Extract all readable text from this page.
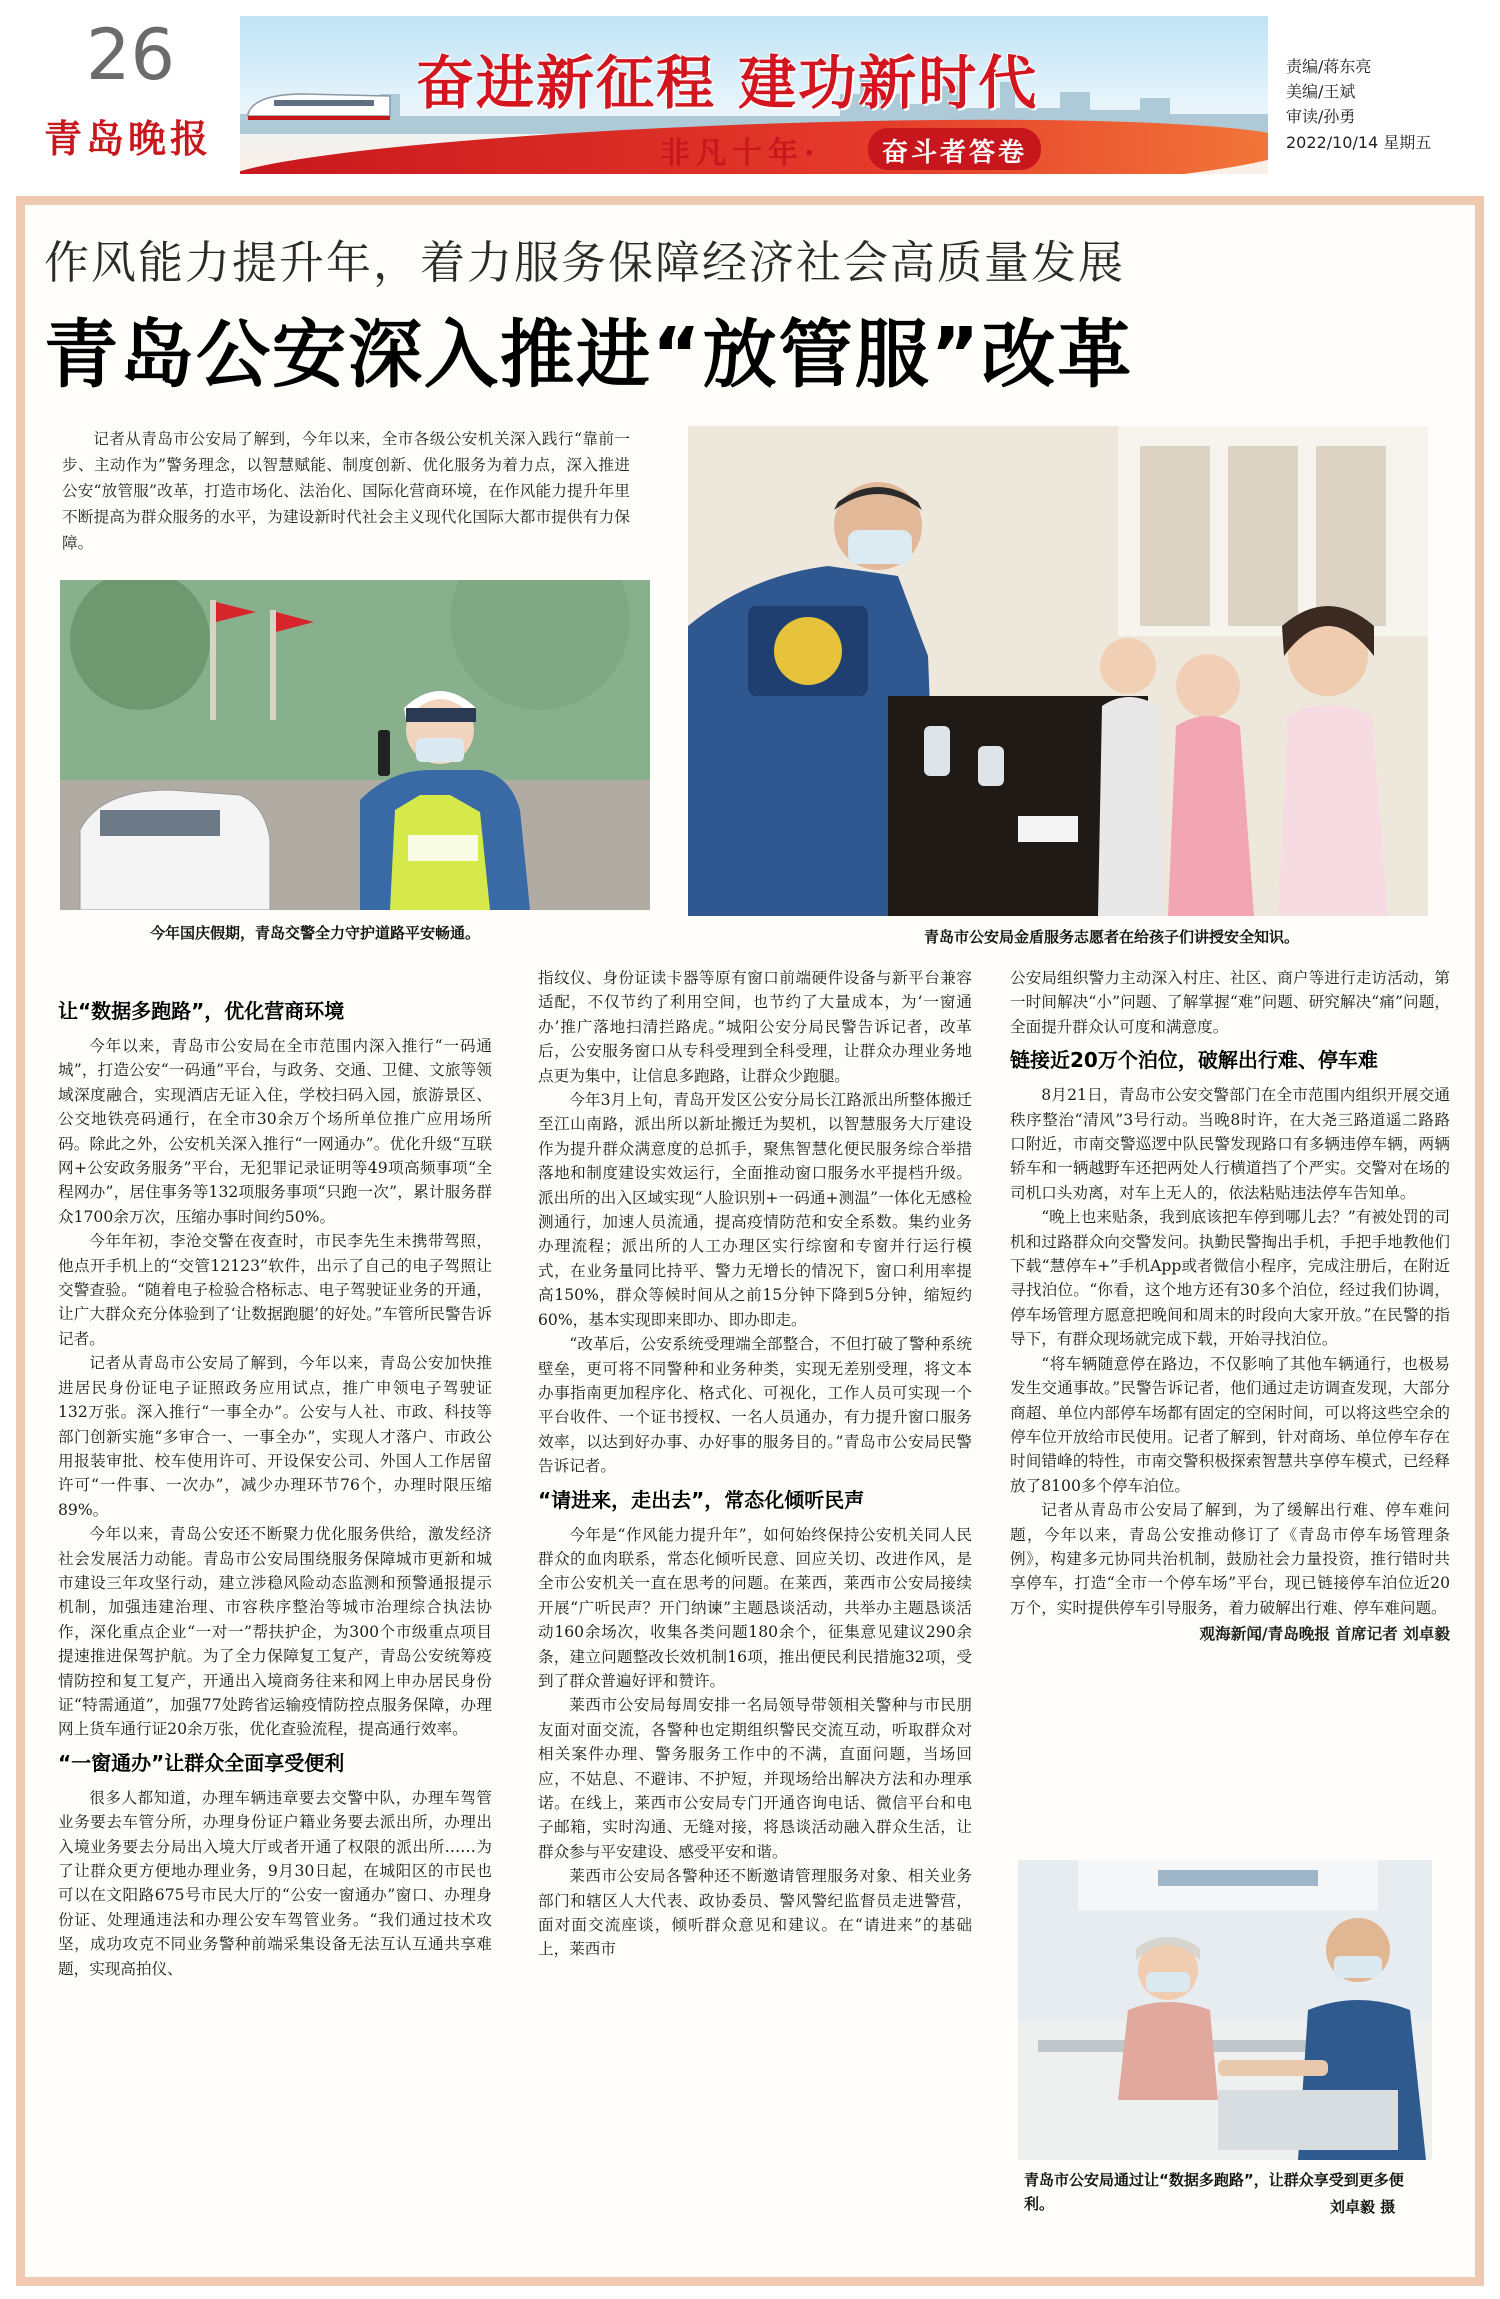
26
青岛晚报
奋进新征程 建功新时代
非凡十年·	奋斗者答卷
责编/蒋东亮
美编/王斌
审读/孙勇
2022/10/14 星期五
作风能力提升年，着力服务保障经济社会高质量发展
青岛公安深入推进“放管服”改革

记者从青岛市公安局了解到，今年以来，全市各级公安机关深入践行“靠前一步、主动作为”警务理念，以智慧赋能、制度创新、优化服务为着力点，深入推进公安“放管服”改革，打造市场化、法治化、国际化营商环境，在作风能力提升年里不断提高为群众服务的水平，为建设新时代社会主义现代化国际大都市提供有力保障。

今年国庆假期，青岛交警全力守护道路平安畅通。	青岛市公安局金盾服务志愿者在给孩子们讲授安全知识。
青岛市公安局通过让“数据多跑路”，让群众享受到更多便利。	刘卓毅 摄
让“数据多跑路”，优化营商环境

今年以来，青岛市公安局在全市范围内深入推行“一码通城”，打造公安“一码通”平台，与政务、交通、卫健、文旅等领域深度融合，实现酒店无证入住，学校扫码入园，旅游景区、公交地铁亮码通行，在全市30余万个场所单位推广应用场所码。除此之外，公安机关深入推行“一网通办”。优化升级“互联网+公安政务服务”平台，无犯罪记录证明等49项高频事项“全程网办”，居住事务等132项服务事项“只跑一次”，累计服务群众1700余万次，压缩办事时间约50%。

今年年初，李沧交警在夜查时，市民李先生未携带驾照，他点开手机上的“交管12123”软件，出示了自己的电子驾照让交警查验。“随着电子检验合格标志、电子驾驶证业务的开通，让广大群众充分体验到了‘让数据跑腿’的好处。”车管所民警告诉记者。

记者从青岛市公安局了解到，今年以来，青岛公安加快推进居民身份证电子证照政务应用试点，推广申领电子驾驶证132万张。深入推行“一事全办”。公安与人社、市政、科技等部门创新实施“多审合一、一事全办”，实现人才落户、市政公用报装审批、校车使用许可、开设保安公司、外国人工作居留许可“一件事、一次办”，减少办理环节76个，办理时限压缩89%。

今年以来，青岛公安还不断聚力优化服务供给，激发经济社会发展活力动能。青岛市公安局围绕服务保障城市更新和城市建设三年攻坚行动，建立涉稳风险动态监测和预警通报提示机制，加强违建治理、市容秩序整治等城市治理综合执法协作，深化重点企业“一对一”帮扶护企，为300个市级重点项目提速推进保驾护航。为了全力保障复工复产，青岛公安统筹疫情防控和复工复产，开通出入境商务往来和网上申办居民身份证“特需通道”，加强77处跨省运输疫情防控点服务保障，办理网上货车通行证20余万张，优化查验流程，提高通行效率。

“一窗通办”让群众全面享受便利

很多人都知道，办理车辆违章要去交警中队，办理车驾管业务要去车管分所，办理身份证户籍业务要去派出所，办理出入境业务要去分局出入境大厅或者开通了权限的派出所……为了让群众更方便地办理业务，9月30日起，在城阳区的市民也可以在文阳路675号市民大厅的“公安一窗通办”窗口、办理身份证、处理通违法和办理公安车驾管业务。“我们通过技术攻坚，成功攻克不同业务警种前端采集设备无法互认互通共享难题，实现高拍仪、

指纹仪、身份证读卡器等原有窗口前端硬件设备与新平台兼容适配，不仅节约了利用空间，也节约了大量成本，为‘一窗通办’推广落地扫清拦路虎。”城阳公安分局民警告诉记者，改革后，公安服务窗口从专科受理到全科受理，让群众办理业务地点更为集中，让信息多跑路，让群众少跑腿。

今年3月上旬，青岛开发区公安分局长江路派出所整体搬迁至江山南路，派出所以新址搬迁为契机，以智慧服务大厅建设作为提升群众满意度的总抓手，聚焦智慧化便民服务综合举措落地和制度建设实效运行，全面推动窗口服务水平提档升级。派出所的出入区域实现“人脸识别+一码通+测温”一体化无感检测通行，加速人员流通，提高疫情防范和安全系数。集约业务办理流程；派出所的人工办理区实行综窗和专窗并行运行模式，在业务量同比持平、警力无增长的情况下，窗口利用率提高150%，群众等候时间从之前15分钟下降到5分钟，缩短约60%，基本实现即来即办、即办即走。

“改革后，公安系统受理端全部整合，不但打破了警种系统壁垒，更可将不同警种和业务种类，实现无差别受理，将文本办事指南更加程序化、格式化、可视化，工作人员可实现一个平台收件、一个证书授权、一名人员通办，有力提升窗口服务效率，以达到好办事、办好事的服务目的。”青岛市公安局民警告诉记者。

“请进来，走出去”，常态化倾听民声

今年是“作风能力提升年”，如何始终保持公安机关同人民群众的血肉联系，常态化倾听民意、回应关切、改进作风，是全市公安机关一直在思考的问题。在莱西，莱西市公安局接续开展“广听民声？开门纳谏”主题恳谈活动，共举办主题恳谈活动160余场次，收集各类问题180余个，征集意见建议290余条，建立问题整改长效机制16项，推出便民利民措施32项，受到了群众普遍好评和赞许。

莱西市公安局每周安排一名局领导带领相关警种与市民朋友面对面交流，各警种也定期组织警民交流互动，听取群众对相关案件办理、警务服务工作中的不满，直面问题，当场回应，不姑息、不避讳、不护短，并现场给出解决方法和办理承诺。在线上，莱西市公安局专门开通咨询电话、微信平台和电子邮箱，实时沟通、无缝对接，将恳谈活动融入群众生活，让群众参与平安建设、感受平安和谐。

莱西市公安局各警种还不断邀请管理服务对象、相关业务部门和辖区人大代表、政协委员、警风警纪监督员走进警营，面对面交流座谈，倾听群众意见和建议。在“请进来”的基础上，莱西市

公安局组织警力主动深入村庄、社区、商户等进行走访活动，第一时间解决“小”问题、了解掌握“难”问题、研究解决“痛”问题，全面提升群众认可度和满意度。

链接近20万个泊位，破解出行难、停车难

8月21日，青岛市公安交警部门在全市范围内组织开展交通秩序整治“清风”3号行动。当晚8时许，在大尧三路道遥二路路口附近，市南交警巡逻中队民警发现路口有多辆违停车辆，两辆轿车和一辆越野车还把两处人行横道挡了个严实。交警对在场的司机口头劝离，对车上无人的，依法粘贴违法停车告知单。

“晚上也来贴条，我到底该把车停到哪儿去？”有被处罚的司机和过路群众向交警发问。执勤民警掏出手机，手把手地教他们下载“慧停车+”手机App或者微信小程序，完成注册后，在附近寻找泊位。“你看，这个地方还有30多个泊位，经过我们协调，停车场管理方愿意把晚间和周末的时段向大家开放。”在民警的指导下，有群众现场就完成下载，开始寻找泊位。

“将车辆随意停在路边，不仅影响了其他车辆通行，也极易发生交通事故。”民警告诉记者，他们通过走访调查发现，大部分商超、单位内部停车场都有固定的空闲时间，可以将这些空余的停车位开放给市民使用。记者了解到，针对商场、单位停车存在时间错峰的特性，市南交警积极探索智慧共享停车模式，已经释放了8100多个停车泊位。

记者从青岛市公安局了解到，为了缓解出行难、停车难问题，今年以来，青岛公安推动修订了《青岛市停车场管理条例》，构建多元协同共治机制，鼓励社会力量投资，推行错时共享停车，打造“全市一个停车场”平台，现已链接停车泊位近20万个，实时提供停车引导服务，着力破解出行难、停车难问题。

观海新闻/青岛晚报 首席记者 刘卓毅
